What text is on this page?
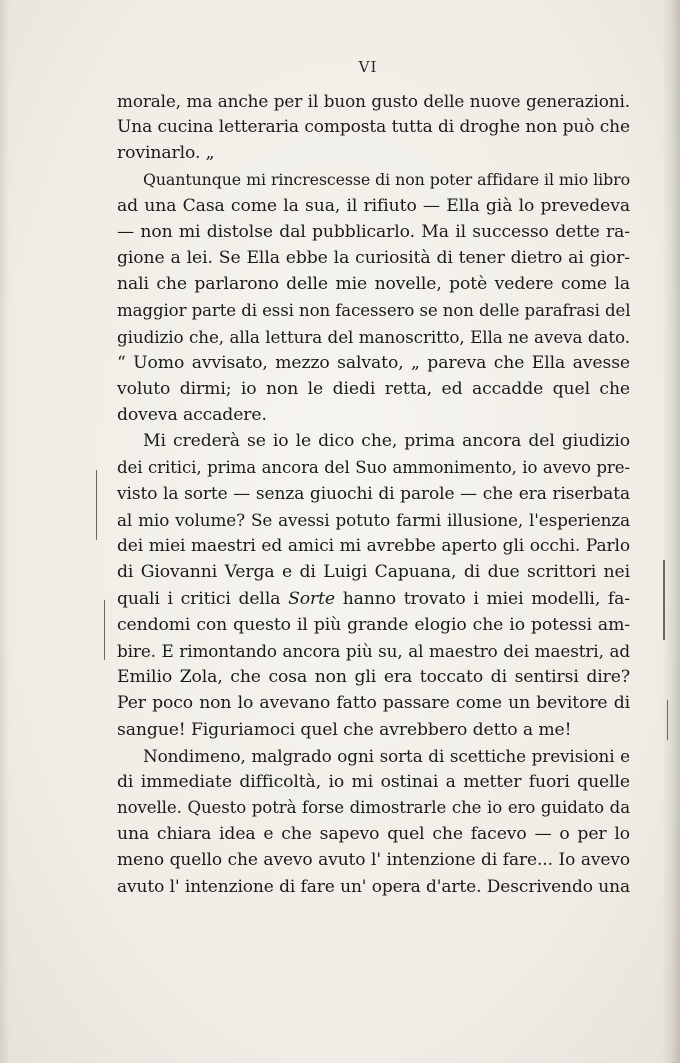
VI
morale, ma anche per il buon gusto delle nuove generazioni.
Una cucina letteraria composta tutta di droghe non può che
rovinarlo. „
Quantunque mi rincrescesse di non poter affidare il mio libro
ad una Casa come la sua, il rifiuto — Ella già lo prevedeva
— non mi distolse dal pubblicarlo. Ma il successo dette ra-
gione a lei. Se Ella ebbe la curiosità di tener dietro ai gior-
nali che parlarono delle mie novelle, potè vedere come la
maggior parte di essi non facessero se non delle parafrasi del
giudizio che, alla lettura del manoscritto, Ella ne aveva dato.
“ Uomo avvisato, mezzo salvato, „ pareva che Ella avesse
voluto dirmi; io non le diedi retta, ed accadde quel che
doveva accadere.
Mi crederà se io le dico che, prima ancora del giudizio
dei critici, prima ancora del Suo ammonimento, io avevo pre-
visto la sorte — senza giuochi di parole — che era riserbata
al mio volume? Se avessi potuto farmi illusione, l'esperienza
dei miei maestri ed amici mi avrebbe aperto gli occhi. Parlo
di Giovanni Verga e di Luigi Capuana, di due scrittori nei
quali i critici della Sorte hanno trovato i miei modelli, fa-
cendomi con questo il più grande elogio che io potessi am-
bire. E rimontando ancora più su, al maestro dei maestri, ad
Emilio Zola, che cosa non gli era toccato di sentirsi dire?
Per poco non lo avevano fatto passare come un bevitore di
sangue! Figuriamoci quel che avrebbero detto a me!
Nondimeno, malgrado ogni sorta di scettiche previsioni e
di immediate difficoltà, io mi ostinai a metter fuori quelle
novelle. Questo potrà forse dimostrarle che io ero guidato da
una chiara idea e che sapevo quel che facevo — o per lo
meno quello che avevo avuto l' intenzione di fare... Io avevo
avuto l' intenzione di fare un' opera d'arte. Descrivendo una
